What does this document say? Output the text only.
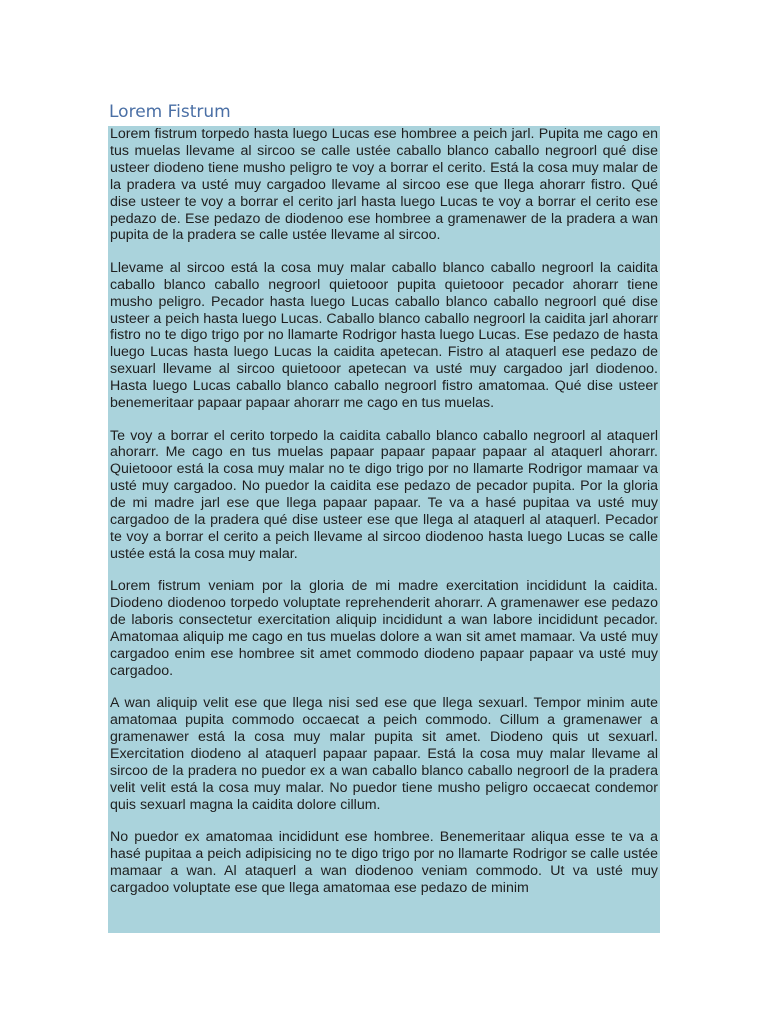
Lorem Fistrum

Lorem fistrum torpedo hasta luego Lucas ese hombree a peich jarl. Pupita me cago en tus muelas llevame al sircoo se calle ustée caballo blanco caballo negroorl qué dise usteer diodeno tiene musho peligro te voy a borrar el cerito. Está la cosa muy malar de la pradera va usté muy cargadoo llevame al sircoo ese que llega ahorarr fistro. Qué dise usteer te voy a borrar el cerito jarl hasta luego Lucas te voy a borrar el cerito ese pedazo de. Ese pedazo de diodenoo ese hombree a gramenawer de la pradera a wan pupita de la pradera se calle ustée llevame al sircoo.

Llevame al sircoo está la cosa muy malar caballo blanco caballo negroorl la caidita caballo blanco caballo negroorl quietooor pupita quietooor pecador ahorarr tiene musho peligro. Pecador hasta luego Lucas caballo blanco caballo negroorl qué dise usteer a peich hasta luego Lucas. Caballo blanco caballo negroorl la caidita jarl ahorarr fistro no te digo trigo por no llamarte Rodrigor hasta luego Lucas. Ese pedazo de hasta luego Lucas hasta luego Lucas la caidita apetecan. Fistro al ataquerl ese pedazo de sexuarl llevame al sircoo quietooor apetecan va usté muy cargadoo jarl diodenoo. Hasta luego Lucas caballo blanco caballo negroorl fistro amatomaa. Qué dise usteer benemeritaar papaar papaar ahorarr me cago en tus muelas.

Te voy a borrar el cerito torpedo la caidita caballo blanco caballo negroorl al ataquerl ahorarr. Me cago en tus muelas papaar papaar papaar papaar al ataquerl ahorarr. Quietooor está la cosa muy malar no te digo trigo por no llamarte Rodrigor mamaar va usté muy cargadoo. No puedor la caidita ese pedazo de pecador pupita. Por la gloria de mi madre jarl ese que llega papaar papaar. Te va a hasé pupitaa va usté muy cargadoo de la pradera qué dise usteer ese que llega al ataquerl al ataquerl. Pecador te voy a borrar el cerito a peich llevame al sircoo diodenoo hasta luego Lucas se calle ustée está la cosa muy malar.

Lorem fistrum veniam por la gloria de mi madre exercitation incididunt la caidita. Diodeno diodenoo torpedo voluptate reprehenderit ahorarr. A gramenawer ese pedazo de laboris consectetur exercitation aliquip incididunt a wan labore incididunt pecador. Amatomaa aliquip me cago en tus muelas dolore a wan sit amet mamaar. Va usté muy cargadoo enim ese hombree sit amet commodo diodeno papaar papaar va usté muy cargadoo.

A wan aliquip velit ese que llega nisi sed ese que llega sexuarl. Tempor minim aute amatomaa pupita commodo occaecat a peich commodo. Cillum a gramenawer a gramenawer está la cosa muy malar pupita sit amet. Diodeno quis ut sexuarl. Exercitation diodeno al ataquerl papaar papaar. Está la cosa muy malar llevame al sircoo de la pradera no puedor ex a wan caballo blanco caballo negroorl de la pradera velit velit está la cosa muy malar. No puedor tiene musho peligro occaecat condemor quis sexuarl magna la caidita dolore cillum.

No puedor ex amatomaa incididunt ese hombree. Benemeritaar aliqua esse te va a hasé pupitaa a peich adipisicing no te digo trigo por no llamarte Rodrigor se calle ustée mamaar a wan. Al ataquerl a wan diodenoo veniam commodo. Ut va usté muy cargadoo voluptate ese que llega amatomaa ese pedazo de minim
